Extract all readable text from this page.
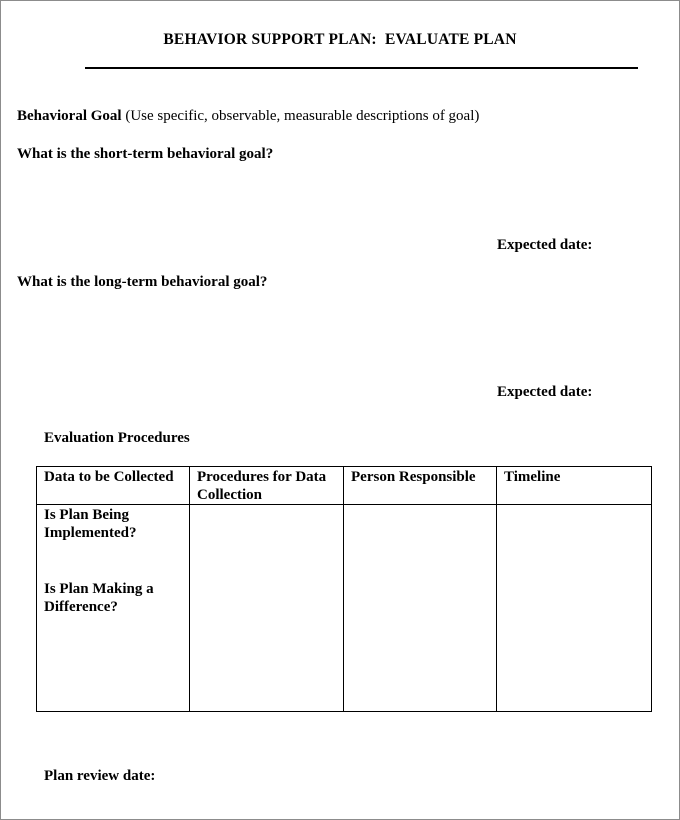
BEHAVIOR SUPPORT PLAN:  EVALUATE PLAN
Behavioral Goal (Use specific, observable, measurable descriptions of goal)
What is the short-term behavioral goal?
Expected date:
What is the long-term behavioral goal?
Expected date:
Evaluation Procedures
Data to be Collected	Procedures for Data Collection	Person Responsible	Timeline

Is Plan Being Implemented?
Is Plan Making a Difference?			

Plan review date:
